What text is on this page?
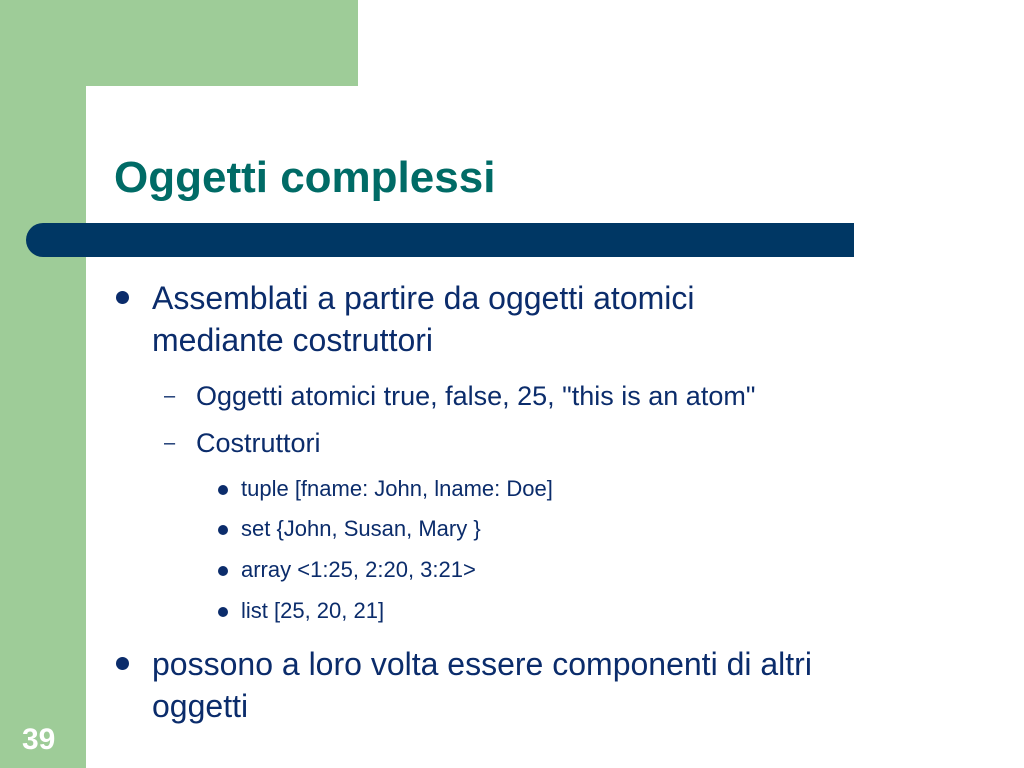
Oggetti complessi
Assemblati a partire da oggetti atomici
mediante costruttori
– Oggetti atomici true, false, 25, "this is an atom"
– Costruttori
tuple [fname: John, lname: Doe]
set {John, Susan, Mary }
array <1:25, 2:20, 3:21>
list [25, 20, 21]
possono a loro volta essere componenti di altri
oggetti
39
